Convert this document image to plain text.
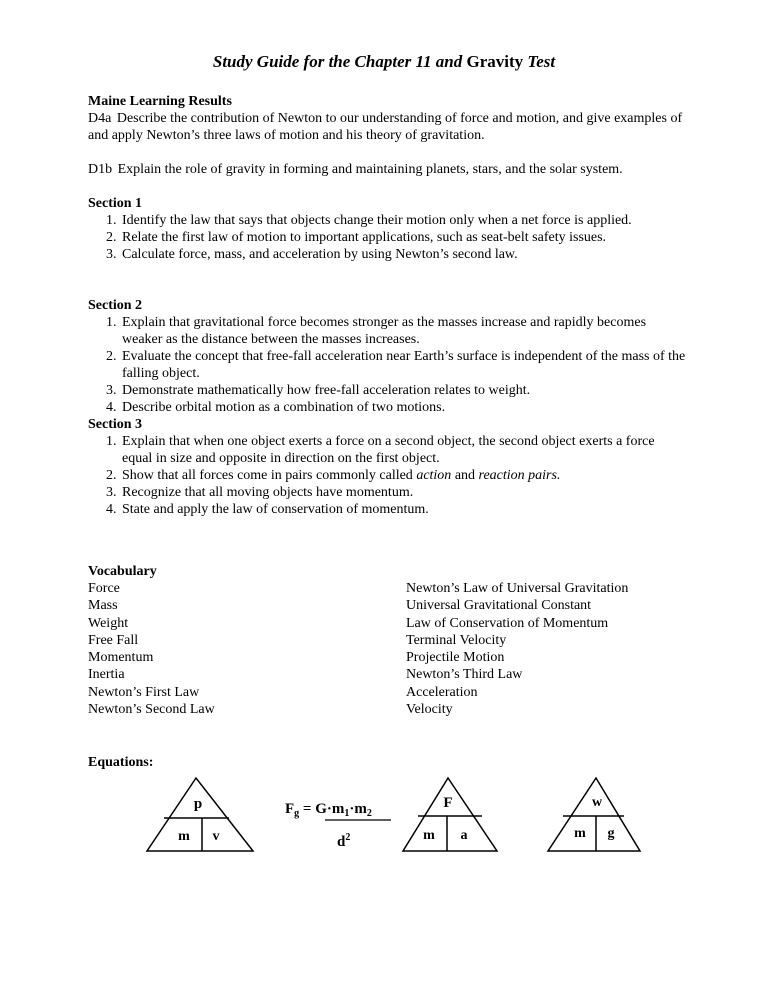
Study Guide for the Chapter 11 and Gravity Test
Maine Learning Results
D4a Describe the contribution of Newton to our understanding of force and motion, and give examples of and apply Newton’s three laws of motion and his theory of gravitation.
D1b Explain the role of gravity in forming and maintaining planets, stars, and the solar system.
Section 1
1. Identify the law that says that objects change their motion only when a net force is applied.
2. Relate the first law of motion to important applications, such as seat-belt safety issues.
3. Calculate force, mass, and acceleration by using Newton’s second law.
Section 2
1. Explain that gravitational force becomes stronger as the masses increase and rapidly becomes weaker as the distance between the masses increases.
2. Evaluate the concept that free-fall acceleration near Earth’s surface is independent of the mass of the falling object.
3. Demonstrate mathematically how free-fall acceleration relates to weight.
4. Describe orbital motion as a combination of two motions.
Section 3
1. Explain that when one object exerts a force on a second object, the second object exerts a force equal in size and opposite in direction on the first object.
2. Show that all forces come in pairs commonly called action and reaction pairs.
3. Recognize that all moving objects have momentum.
4. State and apply the law of conservation of momentum.
Vocabulary
Force
Mass
Weight
Free Fall
Momentum
Inertia
Newton’s First Law
Newton’s Second Law
Newton’s Law of Universal Gravitation
Universal Gravitational Constant
Law of Conservation of Momentum
Terminal Velocity
Projectile Motion
Newton’s Third Law
Acceleration
Velocity
Equations:
p
m v
$F_g = G\cdot m_1\cdot m_2$
$d^2$
F
m a
w
m g
